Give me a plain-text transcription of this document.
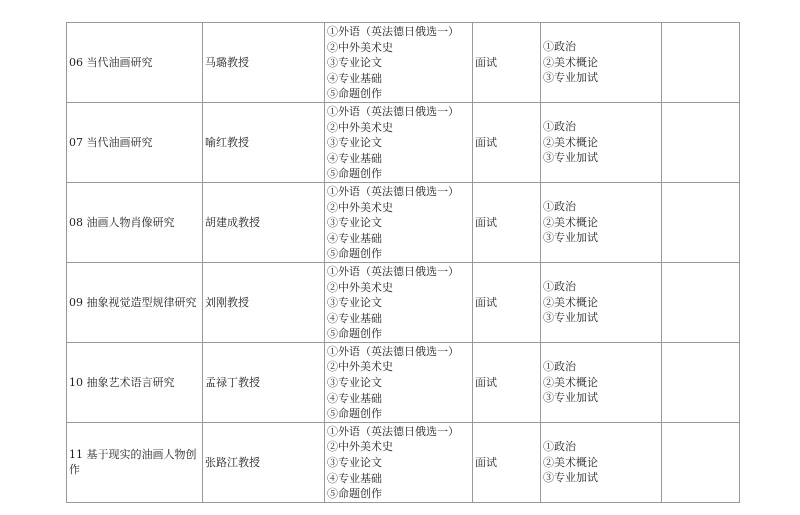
06 当代油画研究	马璐教授	①外语（英法德日俄选一）
②中外美术史
③专业论文
④专业基础
⑤命题创作	面试	①政治
②美术概论
③专业加试	

07 当代油画研究	喻红教授	①外语（英法德日俄选一）
②中外美术史
③专业论文
④专业基础
⑤命题创作	面试	①政治
②美术概论
③专业加试	

08 油画人物肖像研究	胡建成教授	①外语（英法德日俄选一）
②中外美术史
③专业论文
④专业基础
⑤命题创作	面试	①政治
②美术概论
③专业加试	

09 抽象视觉造型规律研究	刘刚教授	①外语（英法德日俄选一）
②中外美术史
③专业论文
④专业基础
⑤命题创作	面试	①政治
②美术概论
③专业加试	

10 抽象艺术语言研究	孟禄丁教授	①外语（英法德日俄选一）
②中外美术史
③专业论文
④专业基础
⑤命题创作	面试	①政治
②美术概论
③专业加试	

11 基于现实的油画人物创作	张路江教授	①外语（英法德日俄选一）
②中外美术史
③专业论文
④专业基础
⑤命题创作	面试	①政治
②美术概论
③专业加试	
